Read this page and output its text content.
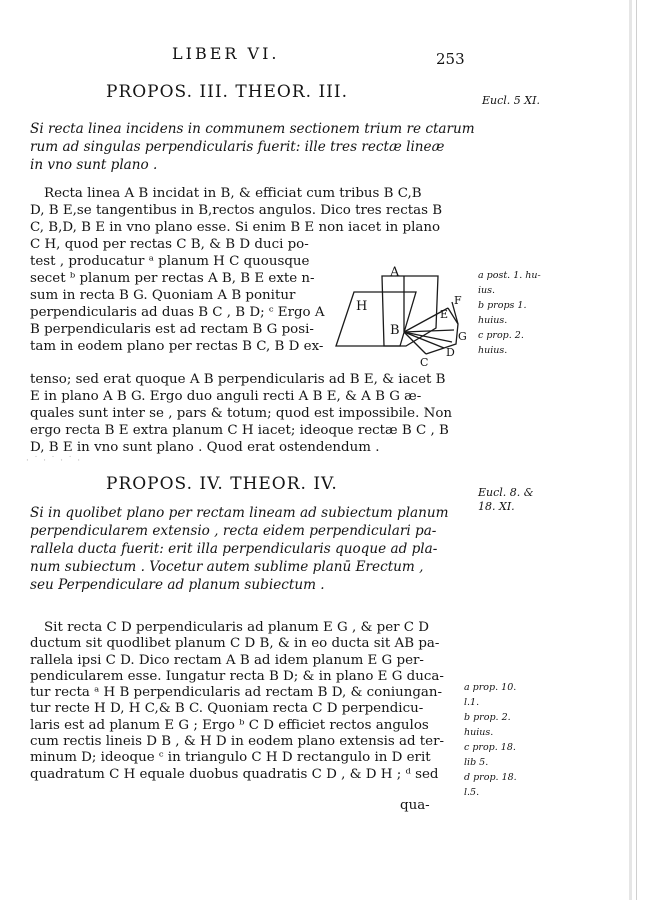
LIBER VI.	253
PROPOS. III. THEOR. III.	Eucl. 5 XI.
Si recta linea incidens in communem sectionem trium re ctarum
rum ad singulas perpendicularis fuerit: ille tres rectæ lineæ
in vno sunt plano .
Recta linea A B incidat in B, & efficiat cum tribus B C,B
D, B E,se tangentibus in B,rectos angulos. Dico tres rectas B
C, B,D, B E in vno plano esse. Si enim B E non iacet in plano
C H, quod per rectas C B, & B D duci po-
test , producatur ᵃ planum H C quousque
secet ᵇ planum per rectas A B, B E exte n-
sum in recta B G. Quoniam A B ponitur
perpendicularis ad duas B C , B D; ᶜ Ergo A
B perpendicularis est ad rectam B G posi-
tam in eodem plano per rectas B C, B D ex-
A
H
B
E
F
G
C
D
a post. 1. hu-
ius.
b props 1.
huius.
c prop. 2.
huius.
tenso; sed erat quoque A B perpendicularis ad B E, & iacet B
E in plano A B G. Ergo duo anguli recti A B E, & A B G æ-
quales sunt inter se , pars & totum; quod est impossibile. Non
ergo recta B E extra planum C H iacet; ideoque rectæ B C , B
D, B E in vno sunt plano . Quod erat ostendendum .
· ˙ · ˙ · ˙ ·
PROPOS. IV. THEOR. IV.	Eucl. 8. &
18. XI.
Si in quolibet plano per rectam lineam ad subiectum planum
perpendicularem extensio , recta eidem perpendiculari pa-
rallela ducta fuerit: erit illa perpendicularis quoque ad pla-
num subiectum . Vocetur autem sublime planū Erectum ,
seu Perpendiculare ad planum subiectum .
Sit recta C D perpendicularis ad planum E G , & per C D
ductum sit quodlibet planum C D B, & in eo ducta sit AB pa-
rallela ipsi C D. Dico rectam A B ad idem planum E G per-
pendicularem esse. Iungatur recta B D; & in plano E G duca-
tur recta ᵃ H B perpendicularis ad rectam B D, & coniungan-
tur recte H D, H C,& B C. Quoniam recta C D perpendicu-
laris est ad planum E G ; Ergo ᵇ C D efficiet rectos angulos
cum rectis lineis D B , & H D in eodem plano extensis ad ter-
minum D; ideoque ᶜ in triangulo C H D rectangulo in D erit
quadratum C H equale duobus quadratis C D , & D H ; ᵈ sed
a prop. 10.
l.1.
b prop. 2.
huius.
c prop. 18.
lib 5.
d prop. 18.
l.5.
qua-
